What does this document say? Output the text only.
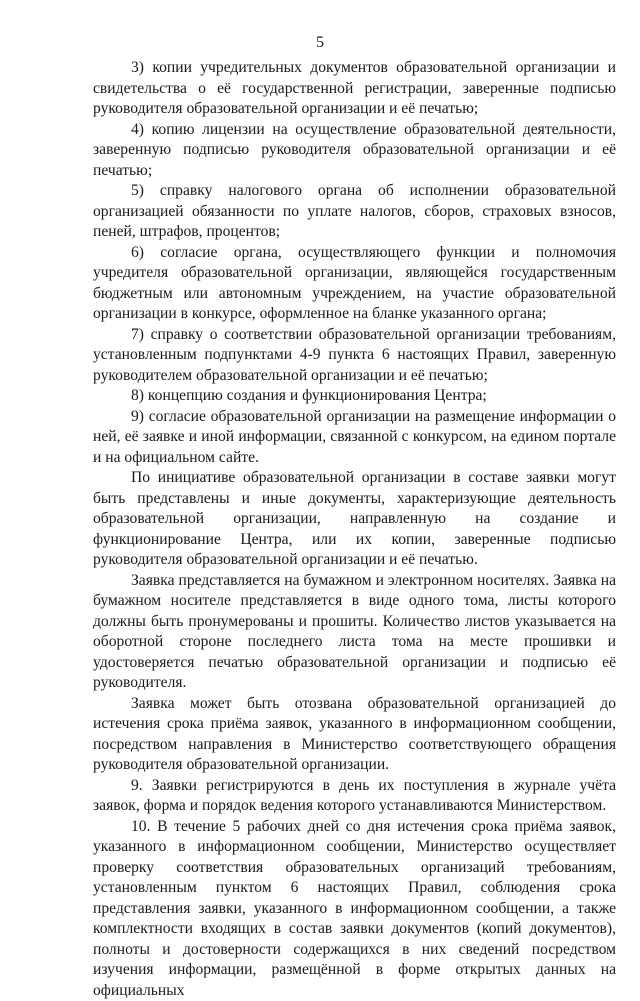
5

3) копии учредительных документов образовательной организации и свидетельства о её государственной регистрации, заверенные подписью руководителя образовательной организации и её печатью;

4) копию лицензии на осуществление образовательной деятельности, заверенную подписью руководителя образовательной организации и её печатью;

5) справку налогового органа об исполнении образовательной организацией обязанности по уплате налогов, сборов, страховых взносов, пеней, штрафов, процентов;

6) согласие органа, осуществляющего функции и полномочия учредителя образовательной организации, являющейся государственным бюджетным или автономным учреждением, на участие образовательной организации в конкурсе, оформленное на бланке указанного органа;

7) справку о соответствии образовательной организации требованиям, установленным подпунктами 4-9 пункта 6 настоящих Правил, заверенную руководителем образовательной организации и её печатью;

8) концепцию создания и функционирования Центра;

9) согласие образовательной организации на размещение информации о ней, её заявке и иной информации, связанной с конкурсом, на едином портале и на официальном сайте.

По инициативе образовательной организации в составе заявки могут быть представлены и иные документы, характеризующие деятельность образовательной организации, направленную на создание и функционирование Центра, или их копии, заверенные подписью руководителя образовательной организации и её печатью.

Заявка представляется на бумажном и электронном носителях. Заявка на бумажном носителе представляется в виде одного тома, листы которого должны быть пронумерованы и прошиты. Количество листов указывается на оборотной стороне последнего листа тома на месте прошивки и удостоверяется печатью образовательной организации и подписью её руководителя.

Заявка может быть отозвана образовательной организацией до истечения срока приёма заявок, указанного в информационном сообщении, посредством направления в Министерство соответствующего обращения руководителя образовательной организации.

9. Заявки регистрируются в день их поступления в журнале учёта заявок, форма и порядок ведения которого устанавливаются Министерством.

10. В течение 5 рабочих дней со дня истечения срока приёма заявок, указанного в информационном сообщении, Министерство осуществляет проверку соответствия образовательных организаций требованиям, установленным пунктом 6 настоящих Правил, соблюдения срока представления заявки, указанного в информационном сообщении, а также комплектности входящих в состав заявки документов (копий документов), полноты и достоверности содержащихся в них сведений посредством изучения информации, размещённой в форме открытых данных на официальных
